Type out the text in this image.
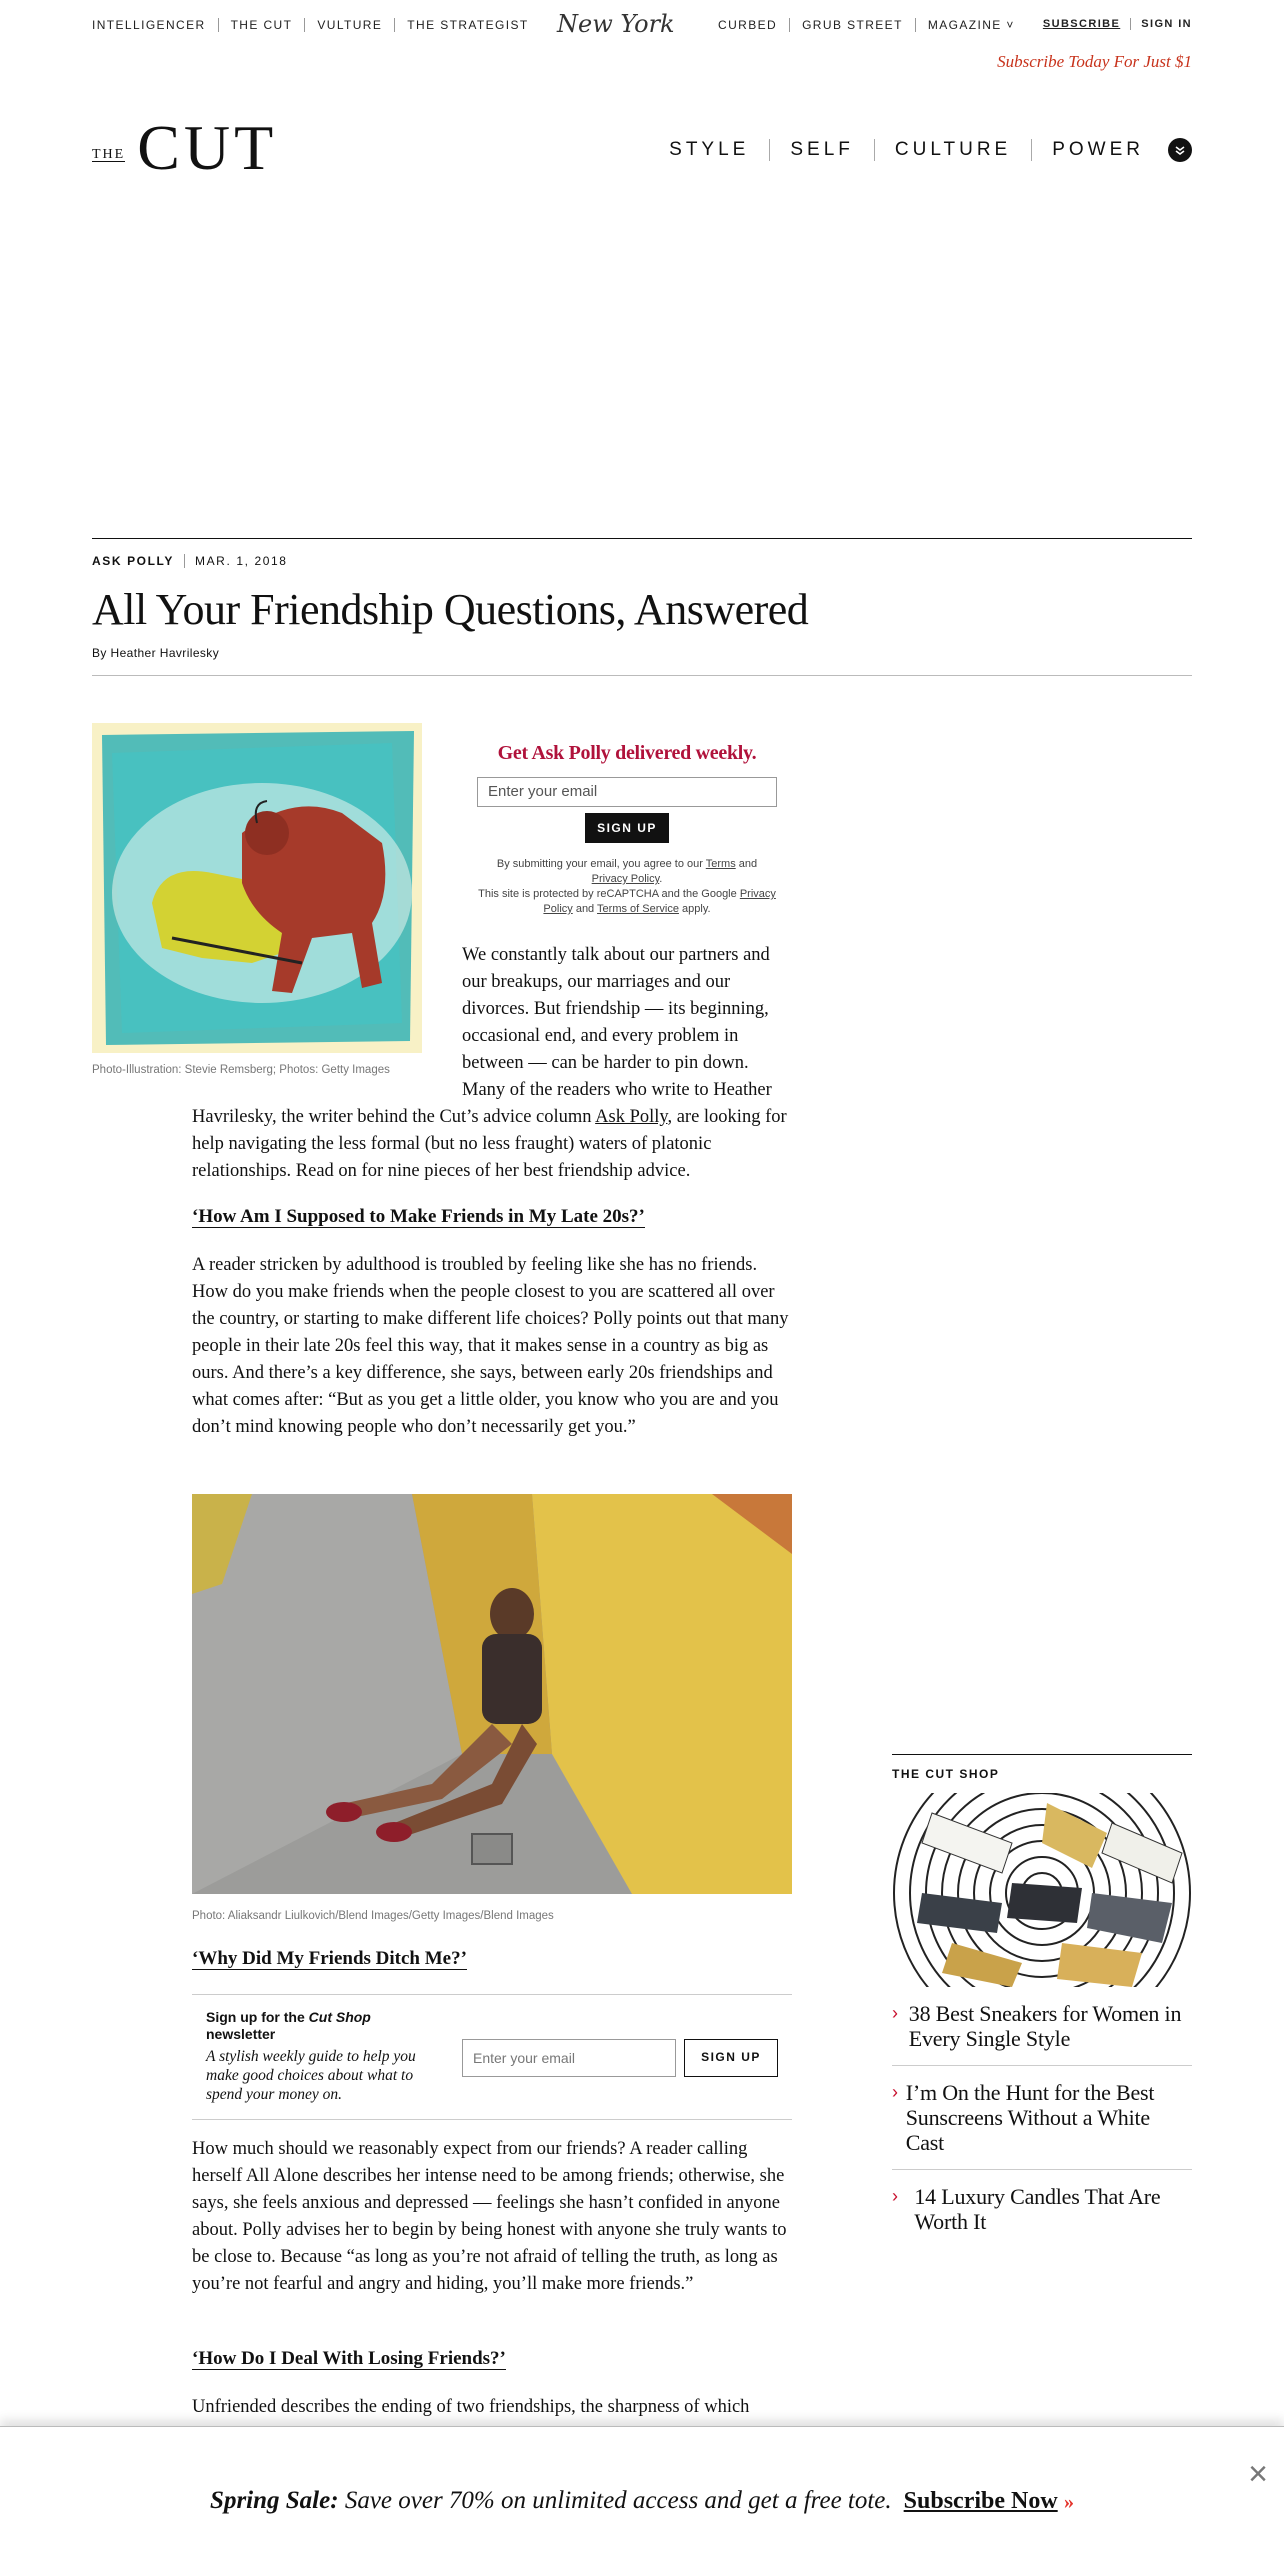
INTELLIGENCER	THE CUT	VULTURE	THE STRATEGIST	New York	CURBED	GRUB STREET	MAGAZINE ˅	SUBSCRIBE	SIGN IN
Subscribe Today For Just $1
THE CUT	STYLE	SELF	CULTURE	POWER
ASK POLLY	MAR. 1, 2018
All Your Friendship Questions, Answered
By Heather Havrilesky
Photo-Illustration: Stevie Remsberg; Photos: Getty Images
Get Ask Polly delivered weekly.
Enter your email
SIGN UP
By submitting your email, you agree to our Terms and
Privacy Policy.
This site is protected by reCAPTCHA and the Google Privacy Policy and Terms of Service apply.

We constantly talk about our partners and our breakups, our marriages and our divorces. But friendship — its beginning, occasional end, and every problem in between — can be harder to pin down. Many of the readers who write to Heather

Havrilesky, the writer behind the Cut’s advice column Ask Polly, are looking for help navigating the less formal (but no less fraught) waters of platonic relationships. Read on for nine pieces of her best friendship advice.

‘How Am I Supposed to Make Friends in My Late 20s?’

A reader stricken by adulthood is troubled by feeling like she has no friends. How do you make friends when the people closest to you are scattered all over the country, or starting to make different life choices? Polly points out that many people in their late 20s feel this way, that it makes sense in a country as big as ours. And there’s a key difference, she says, between early 20s friendships and what comes after: “But as you get a little older, you know who you are and you don’t mind knowing people who don’t necessarily get you.”

Photo: Aliaksandr Liulkovich/Blend Images/Getty Images/Blend Images
‘Why Did My Friends Ditch Me?’
Sign up for the Cut Shop newsletter
A stylish weekly guide to help you make good choices about what to spend your money on.
Enter your email	SIGN UP

How much should we reasonably expect from our friends? A reader calling herself All Alone describes her intense need to be among friends; otherwise, she says, she feels anxious and depressed — feelings she hasn’t confided in anyone about. Polly advises her to begin by being honest with anyone she truly wants to be close to. Because “as long as you’re not afraid of telling the truth, as long as you’re not fearful and angry and hiding, you’ll make more friends.”

‘How Do I Deal With Losing Friends?’

Unfriended describes the ending of two friendships, the sharpness of which

THE CUT SHOP
› 38 Best Sneakers for Women in Every Single Style
› I’m On the Hunt for the Best Sunscreens Without a White Cast
› 14 Luxury Candles That Are Worth It
×
Spring Sale: Save over 70% on unlimited access and get a free tote. Subscribe Now »
